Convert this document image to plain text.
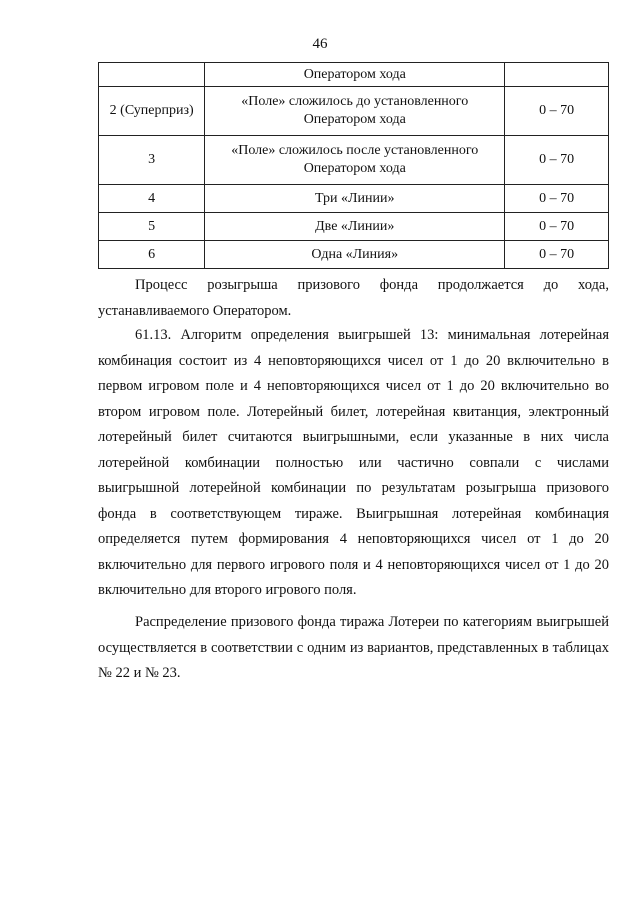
46
	Оператором хода	
2 (Суперприз)	«Поле» сложилось до установленного Оператором хода	0 – 70
3	«Поле» сложилось после установленного Оператором хода	0 – 70
4	Три «Линии»	0 – 70
5	Две «Линии»	0 – 70
6	Одна «Линия»	0 – 70

Процесс розыгрыша призового фонда продолжается до хода, устанавливаемого Оператором.

61.13. Алгоритм определения выигрышей 13: минимальная лотерейная комбинация состоит из 4 неповторяющихся чисел от 1 до 20 включительно в первом игровом поле и 4 неповторяющихся чисел от 1 до 20 включительно во втором игровом поле. Лотерейный билет, лотерейная квитанция, электронный лотерейный билет считаются выигрышными, если указанные в них числа лотерейной комбинации полностью или частично совпали с числами выигрышной лотерейной комбинации по результатам розыгрыша призового фонда в соответствующем тираже. Выигрышная лотерейная комбинация определяется путем формирования 4 неповторяющихся чисел от 1 до 20 включительно для первого игрового поля и 4 неповторяющихся чисел от 1 до 20 включительно для второго игрового поля.

Распределение призового фонда тиража Лотереи по категориям выигрышей осуществляется в соответствии с одним из вариантов, представленных в таблицах № 22 и № 23.
